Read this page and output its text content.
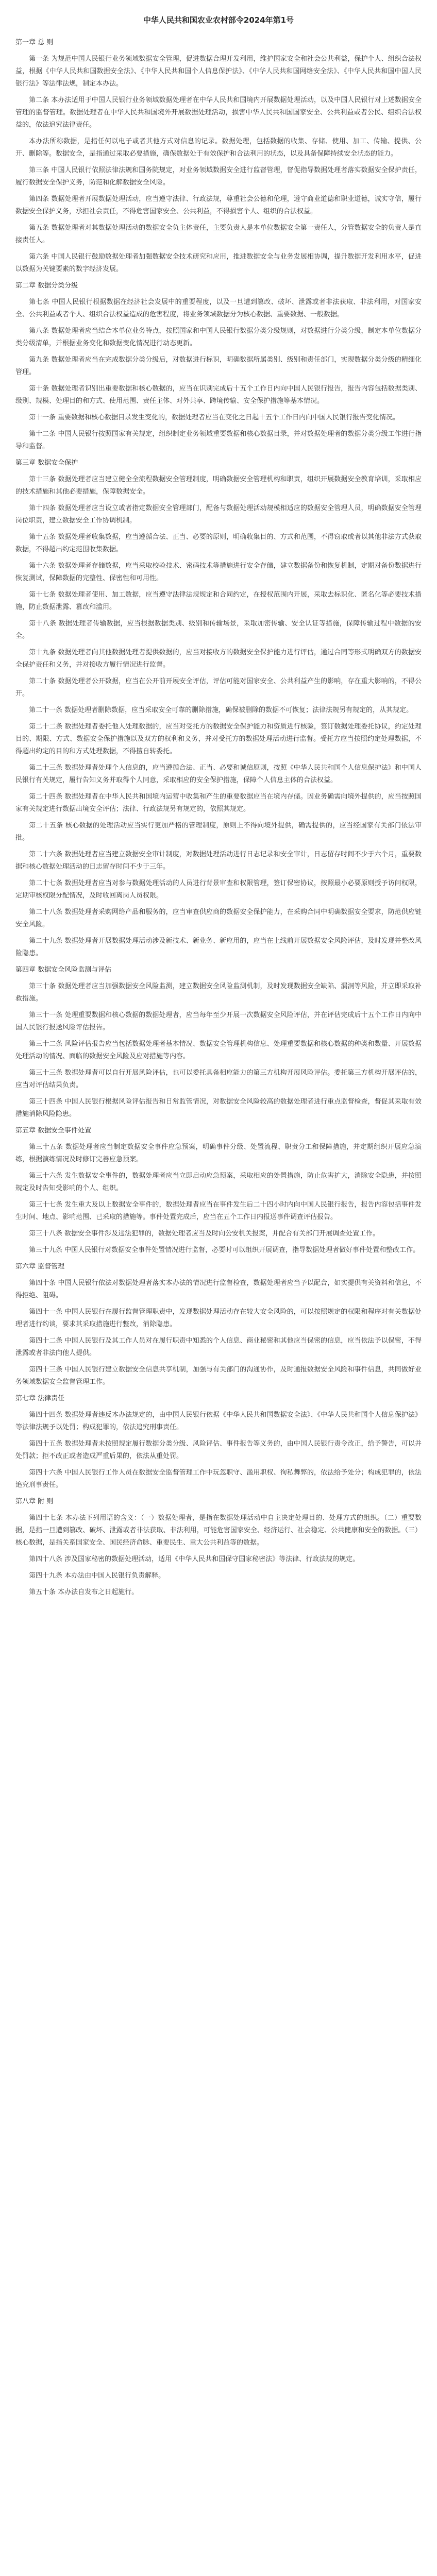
中华人民共和国农业农村部令2024年第1号

第一章 总 则

第一条 为规范中国人民银行业务领域数据安全管理，促进数据合理开发利用，维护国家安全和社会公共利益，保护个人、组织合法权益，根据《中华人民共和国数据安全法》、《中华人民共和国个人信息保护法》、《中华人民共和国网络安全法》、《中华人民共和国中国人民银行法》等法律法规，制定本办法。

第二条 本办法适用于中国人民银行业务领域数据处理者在中华人民共和国境内开展数据处理活动，以及中国人民银行对上述数据安全管理的监督管理。数据处理者在中华人民共和国境外开展数据处理活动，损害中华人民共和国国家安全、公共利益或者公民、组织合法权益的，依法追究法律责任。

本办法所称数据，是指任何以电子或者其他方式对信息的记录。数据处理，包括数据的收集、存储、使用、加工、传输、提供、公开、删除等。数据安全，是指通过采取必要措施，确保数据处于有效保护和合法利用的状态，以及具备保障持续安全状态的能力。

第三条 中国人民银行依照法律法规和国务院规定，对业务领域数据安全进行监督管理，督促指导数据处理者落实数据安全保护责任，履行数据安全保护义务，防范和化解数据安全风险。

第四条 数据处理者开展数据处理活动，应当遵守法律、行政法规，尊重社会公德和伦理，遵守商业道德和职业道德，诚实守信，履行数据安全保护义务，承担社会责任，不得危害国家安全、公共利益，不得损害个人、组织的合法权益。

第五条 数据处理者对其数据处理活动的数据安全负主体责任，主要负责人是本单位数据安全第一责任人，分管数据安全的负责人是直接责任人。

第六条 中国人民银行鼓励数据处理者加强数据安全技术研究和应用，推进数据安全与业务发展相协调，提升数据开发利用水平，促进以数据为关键要素的数字经济发展。

第二章 数据分类分级

第七条 中国人民银行根据数据在经济社会发展中的重要程度，以及一旦遭到篡改、破坏、泄露或者非法获取、非法利用，对国家安全、公共利益或者个人、组织合法权益造成的危害程度，将业务领域数据分为核心数据、重要数据、一般数据。

第八条 数据处理者应当结合本单位业务特点，按照国家和中国人民银行数据分类分级规则，对数据进行分类分级，制定本单位数据分类分级清单，并根据业务变化和数据变化情况进行动态更新。

第九条 数据处理者应当在完成数据分类分级后，对数据进行标识，明确数据所属类别、级别和责任部门，实现数据分类分级的精细化管理。

第十条 数据处理者识别出重要数据和核心数据的，应当在识别完成后十五个工作日内向中国人民银行报告，报告内容包括数据类别、级别、规模、处理目的和方式、使用范围、责任主体、对外共享、跨境传输、安全保护措施等基本情况。

第十一条 重要数据和核心数据目录发生变化的，数据处理者应当在变化之日起十五个工作日内向中国人民银行报告变化情况。

第十二条 中国人民银行按照国家有关规定，组织制定业务领域重要数据和核心数据目录，并对数据处理者的数据分类分级工作进行指导和监督。

第三章 数据安全保护

第十三条 数据处理者应当建立健全全流程数据安全管理制度，明确数据安全管理机构和职责，组织开展数据安全教育培训，采取相应的技术措施和其他必要措施，保障数据安全。

第十四条 数据处理者应当设立或者指定数据安全管理部门，配备与数据处理活动规模相适应的数据安全管理人员，明确数据安全管理岗位职责，建立数据安全工作协调机制。

第十五条 数据处理者收集数据，应当遵循合法、正当、必要的原则，明确收集目的、方式和范围，不得窃取或者以其他非法方式获取数据，不得超出约定范围收集数据。

第十六条 数据处理者存储数据，应当采取校验技术、密码技术等措施进行安全存储，建立数据备份和恢复机制，定期对备份数据进行恢复测试，保障数据的完整性、保密性和可用性。

第十七条 数据处理者使用、加工数据，应当遵守法律法规规定和合同约定，在授权范围内开展，采取去标识化、匿名化等必要技术措施，防止数据泄露、篡改和滥用。

第十八条 数据处理者传输数据，应当根据数据类别、级别和传输场景，采取加密传输、安全认证等措施，保障传输过程中数据的安全。

第十九条 数据处理者向其他数据处理者提供数据的，应当对接收方的数据安全保护能力进行评估，通过合同等形式明确双方的数据安全保护责任和义务，并对接收方履行情况进行监督。

第二十条 数据处理者公开数据，应当在公开前开展安全评估，评估可能对国家安全、公共利益产生的影响，存在重大影响的，不得公开。

第二十一条 数据处理者删除数据，应当采取安全可靠的删除措施，确保被删除的数据不可恢复；法律法规另有规定的，从其规定。

第二十二条 数据处理者委托他人处理数据的，应当对受托方的数据安全保护能力和资质进行核验，签订数据处理委托协议，约定处理目的、期限、方式、数据安全保护措施以及双方的权利和义务，并对受托方的数据处理活动进行监督。受托方应当按照约定处理数据，不得超出约定的目的和方式处理数据，不得擅自转委托。

第二十三条 数据处理者处理个人信息的，应当遵循合法、正当、必要和诚信原则，按照《中华人民共和国个人信息保护法》和中国人民银行有关规定，履行告知义务并取得个人同意，采取相应的安全保护措施，保障个人信息主体的合法权益。

第二十四条 数据处理者在中华人民共和国境内运营中收集和产生的重要数据应当在境内存储。因业务确需向境外提供的，应当按照国家有关规定进行数据出境安全评估；法律、行政法规另有规定的，依照其规定。

第二十五条 核心数据的处理活动应当实行更加严格的管理制度，原则上不得向境外提供，确需提供的，应当经国家有关部门依法审批。

第二十六条 数据处理者应当建立数据安全审计制度，对数据处理活动进行日志记录和安全审计，日志留存时间不少于六个月，重要数据和核心数据处理活动的日志留存时间不少于三年。

第二十七条 数据处理者应当对参与数据处理活动的人员进行背景审查和权限管理，签订保密协议，按照最小必要原则授予访问权限，定期审核权限分配情况，及时收回离岗人员权限。

第二十八条 数据处理者采购网络产品和服务的，应当审查供应商的数据安全保护能力，在采购合同中明确数据安全要求，防范供应链安全风险。

第二十九条 数据处理者开展数据处理活动涉及新技术、新业务、新应用的，应当在上线前开展数据安全风险评估，及时发现并整改风险隐患。

第四章 数据安全风险监测与评估

第三十条 数据处理者应当加强数据安全风险监测，建立数据安全风险监测机制，及时发现数据安全缺陷、漏洞等风险，并立即采取补救措施。

第三十一条 处理重要数据和核心数据的数据处理者，应当每年至少开展一次数据安全风险评估，并在评估完成后十五个工作日内向中国人民银行报送风险评估报告。

第三十二条 风险评估报告应当包括数据处理者基本情况、数据安全管理机构信息、处理重要数据和核心数据的种类和数量、开展数据处理活动的情况、面临的数据安全风险及应对措施等内容。

第三十三条 数据处理者可以自行开展风险评估，也可以委托具备相应能力的第三方机构开展风险评估。委托第三方机构开展评估的，应当对评估结果负责。

第三十四条 中国人民银行根据风险评估报告和日常监管情况，对数据安全风险较高的数据处理者进行重点监督检查，督促其采取有效措施消除风险隐患。

第五章 数据安全事件处置

第三十五条 数据处理者应当制定数据安全事件应急预案，明确事件分级、处置流程、职责分工和保障措施，并定期组织开展应急演练，根据演练情况及时修订完善应急预案。

第三十六条 发生数据安全事件的，数据处理者应当立即启动应急预案，采取相应的处置措施，防止危害扩大，消除安全隐患，并按照规定及时告知受影响的个人、组织。

第三十七条 发生重大及以上数据安全事件的，数据处理者应当在事件发生后二十四小时内向中国人民银行报告，报告内容包括事件发生时间、地点、影响范围、已采取的措施等。事件处置完成后，应当在五个工作日内报送事件调查评估报告。

第三十八条 数据安全事件涉及违法犯罪的，数据处理者应当及时向公安机关报案，并配合有关部门开展调查处置工作。

第三十九条 中国人民银行对数据安全事件处置情况进行监督，必要时可以组织开展调查，指导数据处理者做好事件处置和整改工作。

第六章 监督管理

第四十条 中国人民银行依法对数据处理者落实本办法的情况进行监督检查，数据处理者应当予以配合，如实提供有关资料和信息，不得拒绝、阻碍。

第四十一条 中国人民银行在履行监督管理职责中，发现数据处理活动存在较大安全风险的，可以按照规定的权限和程序对有关数据处理者进行约谈，要求其采取措施进行整改，消除隐患。

第四十二条 中国人民银行及其工作人员对在履行职责中知悉的个人信息、商业秘密和其他应当保密的信息，应当依法予以保密，不得泄露或者非法向他人提供。

第四十三条 中国人民银行建立数据安全信息共享机制，加强与有关部门的沟通协作，及时通报数据安全风险和事件信息，共同做好业务领域数据安全监督管理工作。

第七章 法律责任

第四十四条 数据处理者违反本办法规定的，由中国人民银行依据《中华人民共和国数据安全法》、《中华人民共和国个人信息保护法》等法律法规予以处罚；构成犯罪的，依法追究刑事责任。

第四十五条 数据处理者未按照规定履行数据分类分级、风险评估、事件报告等义务的，由中国人民银行责令改正，给予警告，可以并处罚款；拒不改正或者造成严重后果的，依法从重处罚。

第四十六条 中国人民银行工作人员在数据安全监督管理工作中玩忽职守、滥用职权、徇私舞弊的，依法给予处分；构成犯罪的，依法追究刑事责任。

第八章 附 则

第四十七条 本办法下列用语的含义：（一）数据处理者，是指在数据处理活动中自主决定处理目的、处理方式的组织。（二）重要数据，是指一旦遭到篡改、破坏、泄露或者非法获取、非法利用，可能危害国家安全、经济运行、社会稳定、公共健康和安全的数据。（三）核心数据，是指关系国家安全、国民经济命脉、重要民生、重大公共利益等的数据。

第四十八条 涉及国家秘密的数据处理活动，适用《中华人民共和国保守国家秘密法》等法律、行政法规的规定。

第四十九条 本办法由中国人民银行负责解释。

第五十条 本办法自发布之日起施行。
